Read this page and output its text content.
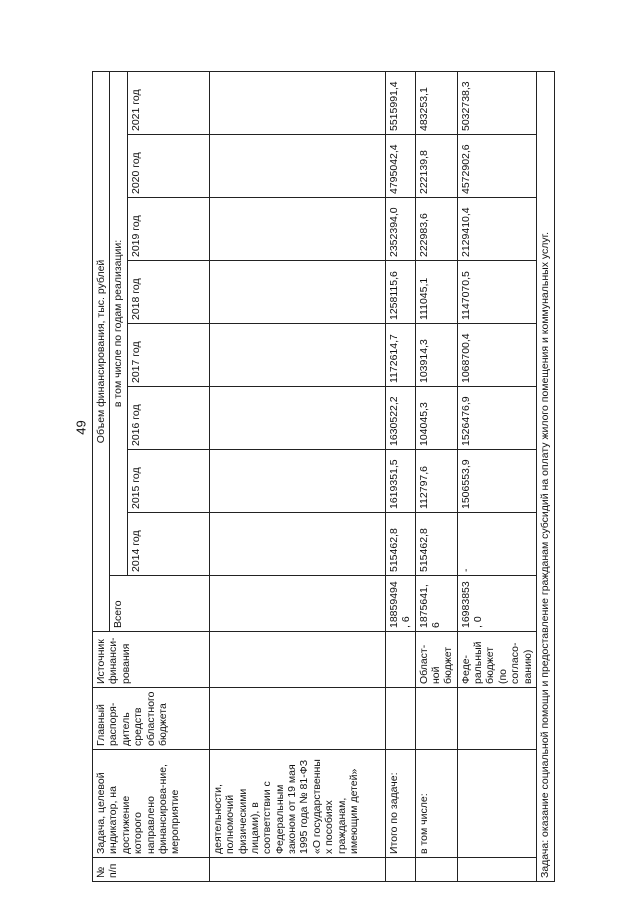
49
№ п/п	Задача, целевой индикатор, на достижение которого направлено финансирова-ние, мероприятие	Главный распоря-дитель средств областного бюджета	Источник финанси-рования	Объем финансирования, тыс. рублей								
				Всего	в том числе по годам реализации:							
					2014 год	2015 год	2016 год	2017 год	2018 год	2019 год	2020 год	2021 год
	деятельности, полномочий физическими лицами), в соответствии с Федеральным законом от 19 мая 1995 года № 81-ФЗ «О государственны х пособиях гражданам, имеющим детей»											
	Итого по задаче:			18859494, 6	515462,8	1619351,5	1630522,2	1172614,7	1258115,6	2352394,0	4795042,4	5515991,4
	в том числе:		Област-ной бюджет	1875641,6	515462,8	112797,6	104045,3	103914,3	111045,1	222983,6	222139,8	483253,1
			Феде-ральный бюджет (по согласо-ванию)	16983853, 0	-	1506553,9	1526476,9	1068700,4	1147070,5	2129410,4	4572902,6	5032738,3
Задача: оказание социальной помощи и предоставление гражданам субсидий на оплату жилого помещения и коммунальных услуг.												
